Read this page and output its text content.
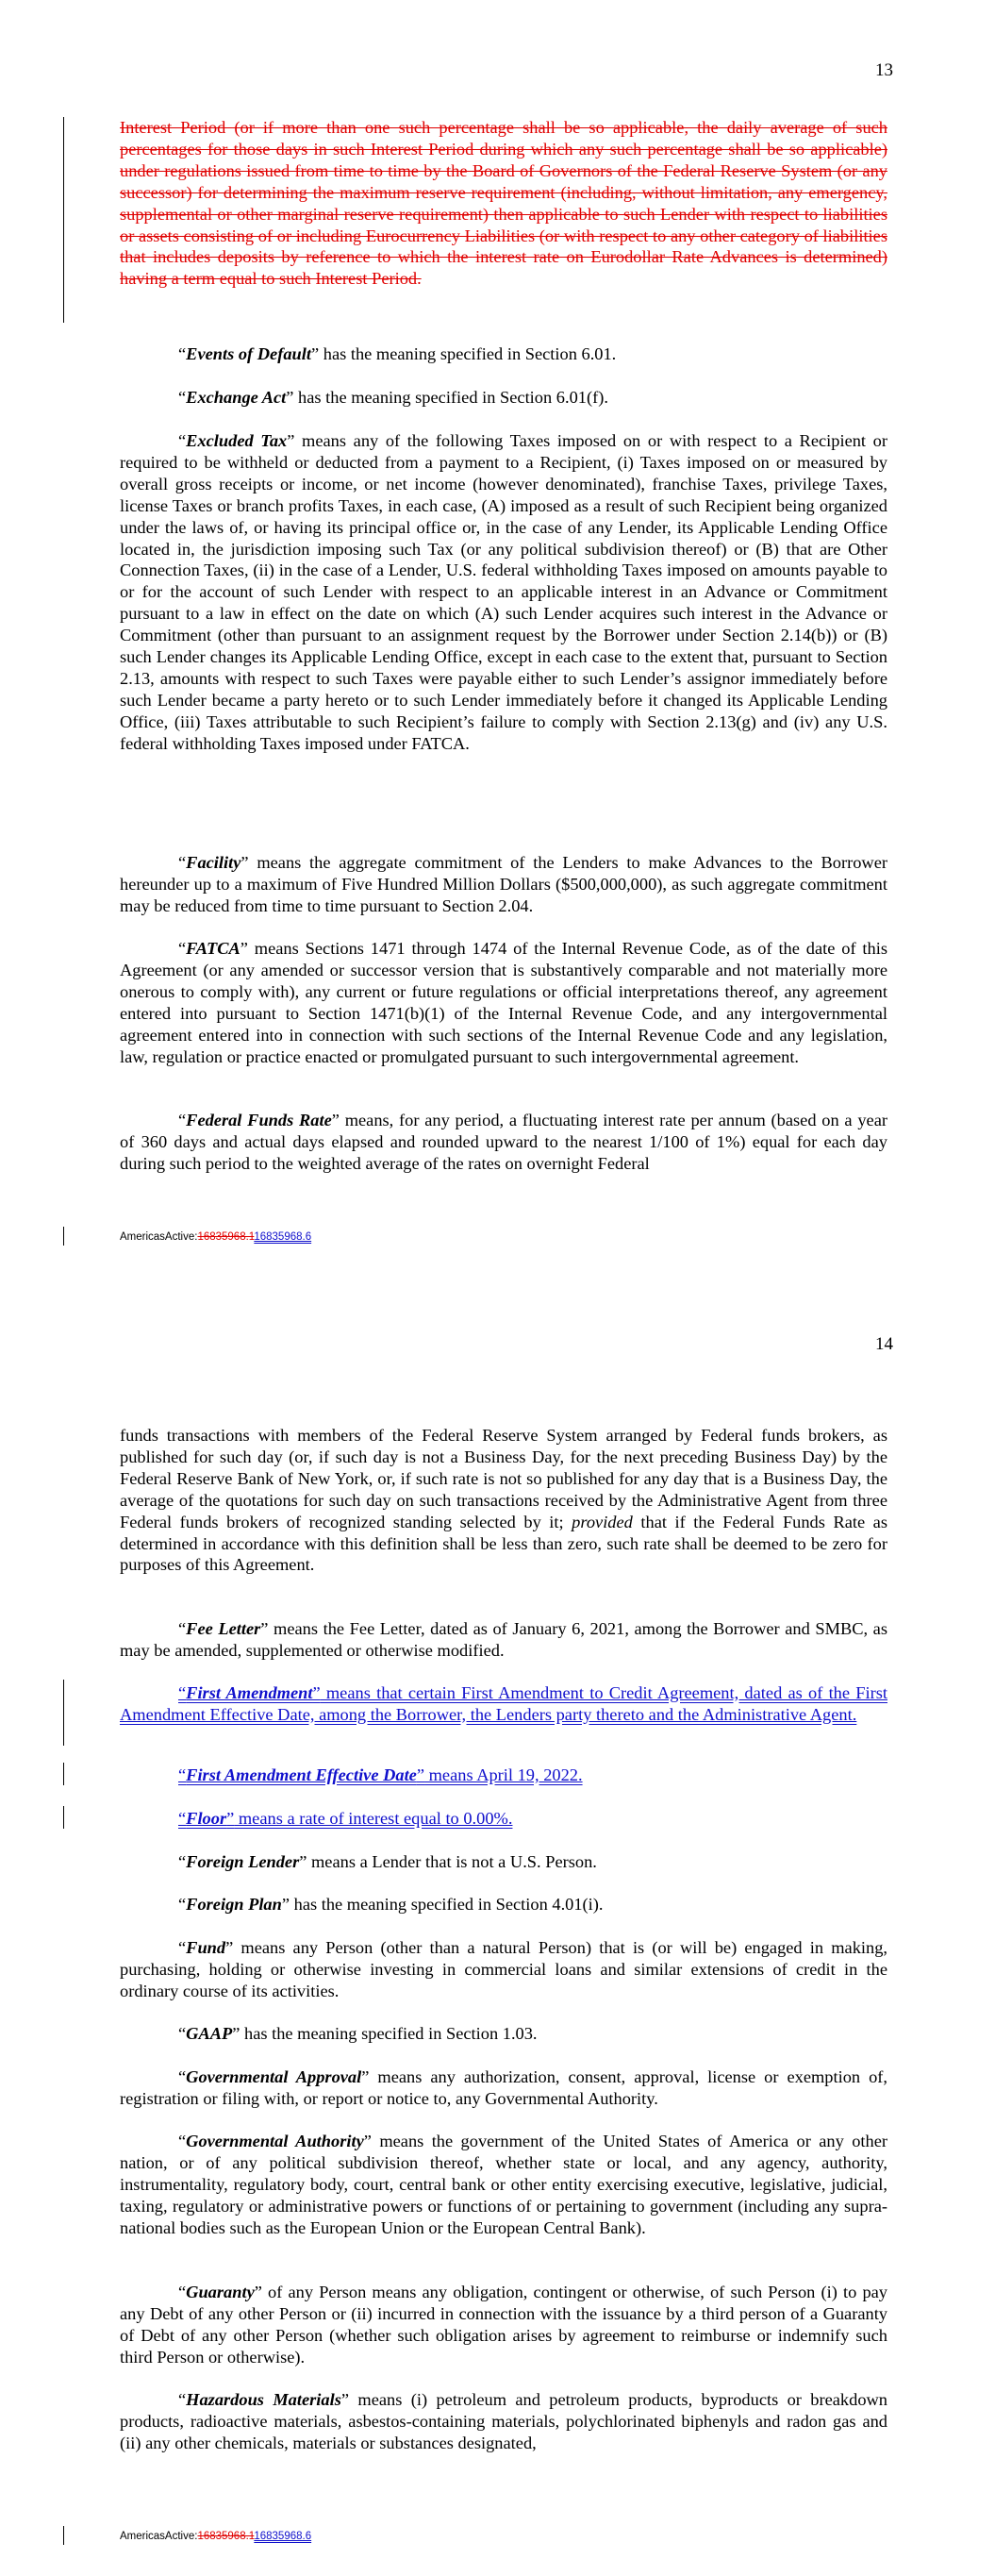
13

Interest Period (or if more than one such percentage shall be so applicable, the daily average of such percentages for those days in such Interest Period during which any such percentage shall be so applicable) under regulations issued from time to time by the Board of Governors of the Federal Reserve System (or any successor) for determining the maximum reserve requirement (including, without limitation, any emergency, supplemental or other marginal reserve requirement) then applicable to such Lender with respect to liabilities or assets consisting of or including Eurocurrency Liabilities (or with respect to any other category of liabilities that includes deposits by reference to which the interest rate on Eurodollar Rate Advances is determined) having a term equal to such Interest Period.

“Events of Default” has the meaning specified in Section 6.01.

“Exchange Act” has the meaning specified in Section 6.01(f).

“Excluded Tax” means any of the following Taxes imposed on or with respect to a Recipient or required to be withheld or deducted from a payment to a Recipient, (i) Taxes imposed on or measured by overall gross receipts or income, or net income (however denominated), franchise Taxes, privilege Taxes, license Taxes or branch profits Taxes, in each case, (A) imposed as a result of such Recipient being organized under the laws of, or having its principal office or, in the case of any Lender, its Applicable Lending Office located in, the jurisdiction imposing such Tax (or any political subdivision thereof) or (B) that are Other Connection Taxes, (ii) in the case of a Lender, U.S. federal withholding Taxes imposed on amounts payable to or for the account of such Lender with respect to an applicable interest in an Advance or Commitment pursuant to a law in effect on the date on which (A) such Lender acquires such interest in the Advance or Commitment (other than pursuant to an assignment request by the Borrower under Section 2.14(b)) or (B) such Lender changes its Applicable Lending Office, except in each case to the extent that, pursuant to Section 2.13, amounts with respect to such Taxes were payable either to such Lender’s assignor immediately before such Lender became a party hereto or to such Lender immediately before it changed its Applicable Lending Office, (iii) Taxes attributable to such Recipient’s failure to comply with Section 2.13(g) and (iv) any U.S. federal withholding Taxes imposed under FATCA.

“Facility” means the aggregate commitment of the Lenders to make Advances to the Borrower hereunder up to a maximum of Five Hundred Million Dollars ($500,000,000), as such aggregate commitment may be reduced from time to time pursuant to Section 2.04.

“FATCA” means Sections 1471 through 1474 of the Internal Revenue Code, as of the date of this Agreement (or any amended or successor version that is substantively comparable and not materially more onerous to comply with), any current or future regulations or official interpretations thereof, any agreement entered into pursuant to Section 1471(b)(1) of the Internal Revenue Code, and any intergovernmental agreement entered into in connection with such sections of the Internal Revenue Code and any legislation, law, regulation or practice enacted or promulgated pursuant to such intergovernmental agreement.

“Federal Funds Rate” means, for any period, a fluctuating interest rate per annum (based on a year of 360 days and actual days elapsed and rounded upward to the nearest 1/100 of 1%) equal for each day during such period to the weighted average of the rates on overnight Federal

AmericasActive:16835968.116835968.6

14

funds transactions with members of the Federal Reserve System arranged by Federal funds brokers, as published for such day (or, if such day is not a Business Day, for the next preceding Business Day) by the Federal Reserve Bank of New York, or, if such rate is not so published for any day that is a Business Day, the average of the quotations for such day on such transactions received by the Administrative Agent from three Federal funds brokers of recognized standing selected by it; provided that if the Federal Funds Rate as determined in accordance with this definition shall be less than zero, such rate shall be deemed to be zero for purposes of this Agreement.

“Fee Letter” means the Fee Letter, dated as of January 6, 2021, among the Borrower and SMBC, as may be amended, supplemented or otherwise modified.

“First Amendment” means that certain First Amendment to Credit Agreement, dated as of the First Amendment Effective Date, among the Borrower, the Lenders party thereto and the Administrative Agent.

“First Amendment Effective Date” means April 19, 2022.

“Floor” means a rate of interest equal to 0.00%.

“Foreign Lender” means a Lender that is not a U.S. Person.

“Foreign Plan” has the meaning specified in Section 4.01(i).

“Fund” means any Person (other than a natural Person) that is (or will be) engaged in making, purchasing, holding or otherwise investing in commercial loans and similar extensions of credit in the ordinary course of its activities.

“GAAP” has the meaning specified in Section 1.03.

“Governmental Approval” means any authorization, consent, approval, license or exemption of, registration or filing with, or report or notice to, any Governmental Authority.

“Governmental Authority” means the government of the United States of America or any other nation, or of any political subdivision thereof, whether state or local, and any agency, authority, instrumentality, regulatory body, court, central bank or other entity exercising executive, legislative, judicial, taxing, regulatory or administrative powers or functions of or pertaining to government (including any supra-national bodies such as the European Union or the European Central Bank).

“Guaranty” of any Person means any obligation, contingent or otherwise, of such Person (i) to pay any Debt of any other Person or (ii) incurred in connection with the issuance by a third person of a Guaranty of Debt of any other Person (whether such obligation arises by agreement to reimburse or indemnify such third Person or otherwise).

“Hazardous Materials” means (i) petroleum and petroleum products, byproducts or breakdown products, radioactive materials, asbestos-containing materials, polychlorinated biphenyls and radon gas and (ii) any other chemicals, materials or substances designated,

AmericasActive:16835968.116835968.6
